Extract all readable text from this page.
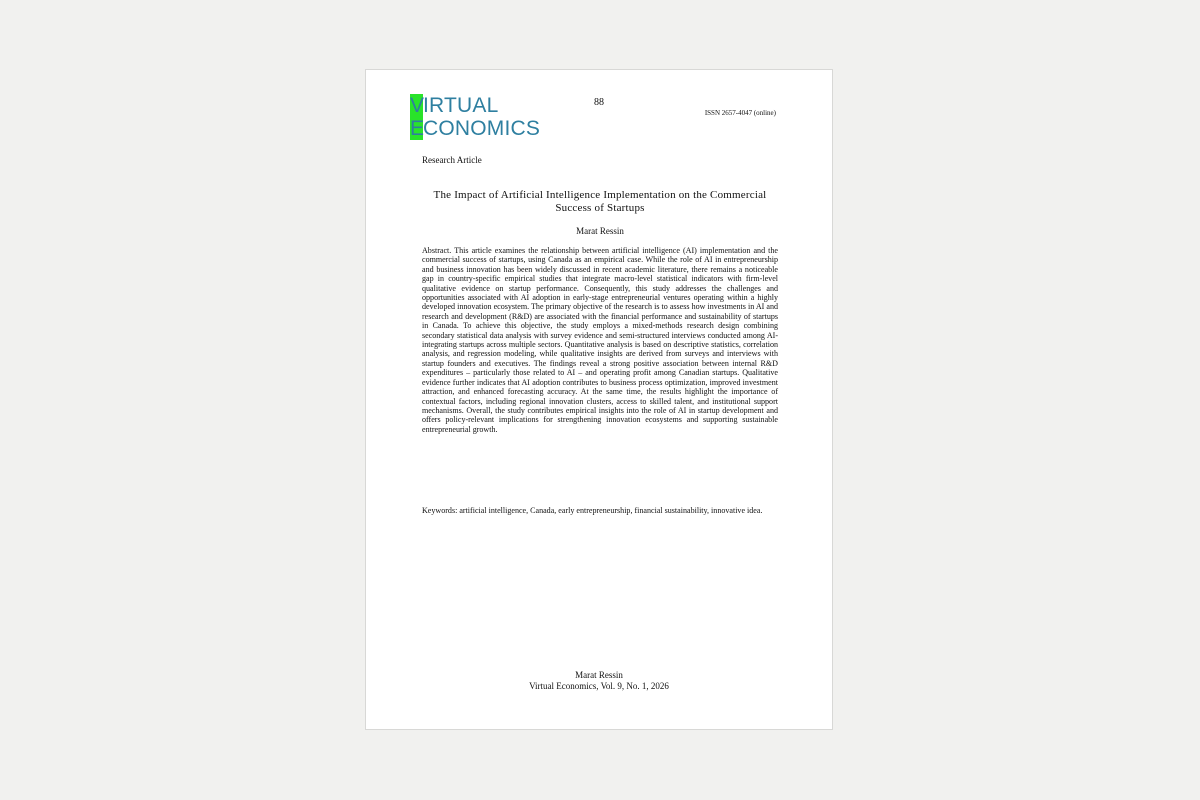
VIRTUAL
ECONOMICS
88
ISSN 2657-4047 (online)
Research Article
The Impact of Artificial Intelligence Implementation on the Commercial Success of Startups
Marat Ressin

Abstract. This article examines the relationship between artificial intelligence (AI) implementation and the commercial success of startups, using Canada as an empirical case. While the role of AI in entrepreneurship and business innovation has been widely discussed in recent academic literature, there remains a noticeable gap in country-specific empirical studies that integrate macro-level statistical indicators with firm-level qualitative evidence on startup performance. Consequently, this study addresses the challenges and opportunities associated with AI adoption in early-stage entrepreneurial ventures operating within a highly developed innovation ecosystem. The primary objective of the research is to assess how investments in AI and research and development (R&D) are associated with the financial performance and sustainability of startups in Canada. To achieve this objective, the study employs a mixed-methods research design combining secondary statistical data analysis with survey evidence and semi-structured interviews conducted among AI-integrating startups across multiple sectors. Quantitative analysis is based on descriptive statistics, correlation analysis, and regression modeling, while qualitative insights are derived from surveys and interviews with startup founders and executives. The findings reveal a strong positive association between internal R&D expenditures – particularly those related to AI – and operating profit among Canadian startups. Qualitative evidence further indicates that AI adoption contributes to business process optimization, improved investment attraction, and enhanced forecasting accuracy. At the same time, the results highlight the importance of contextual factors, including regional innovation clusters, access to skilled talent, and institutional support mechanisms. Overall, the study contributes empirical insights into the role of AI in startup development and offers policy-relevant implications for strengthening innovation ecosystems and supporting sustainable entrepreneurial growth.

Keywords: artificial intelligence, Canada, early entrepreneurship, financial sustainability, innovative idea.

Marat Ressin
Virtual Economics, Vol. 9, No. 1, 2026
